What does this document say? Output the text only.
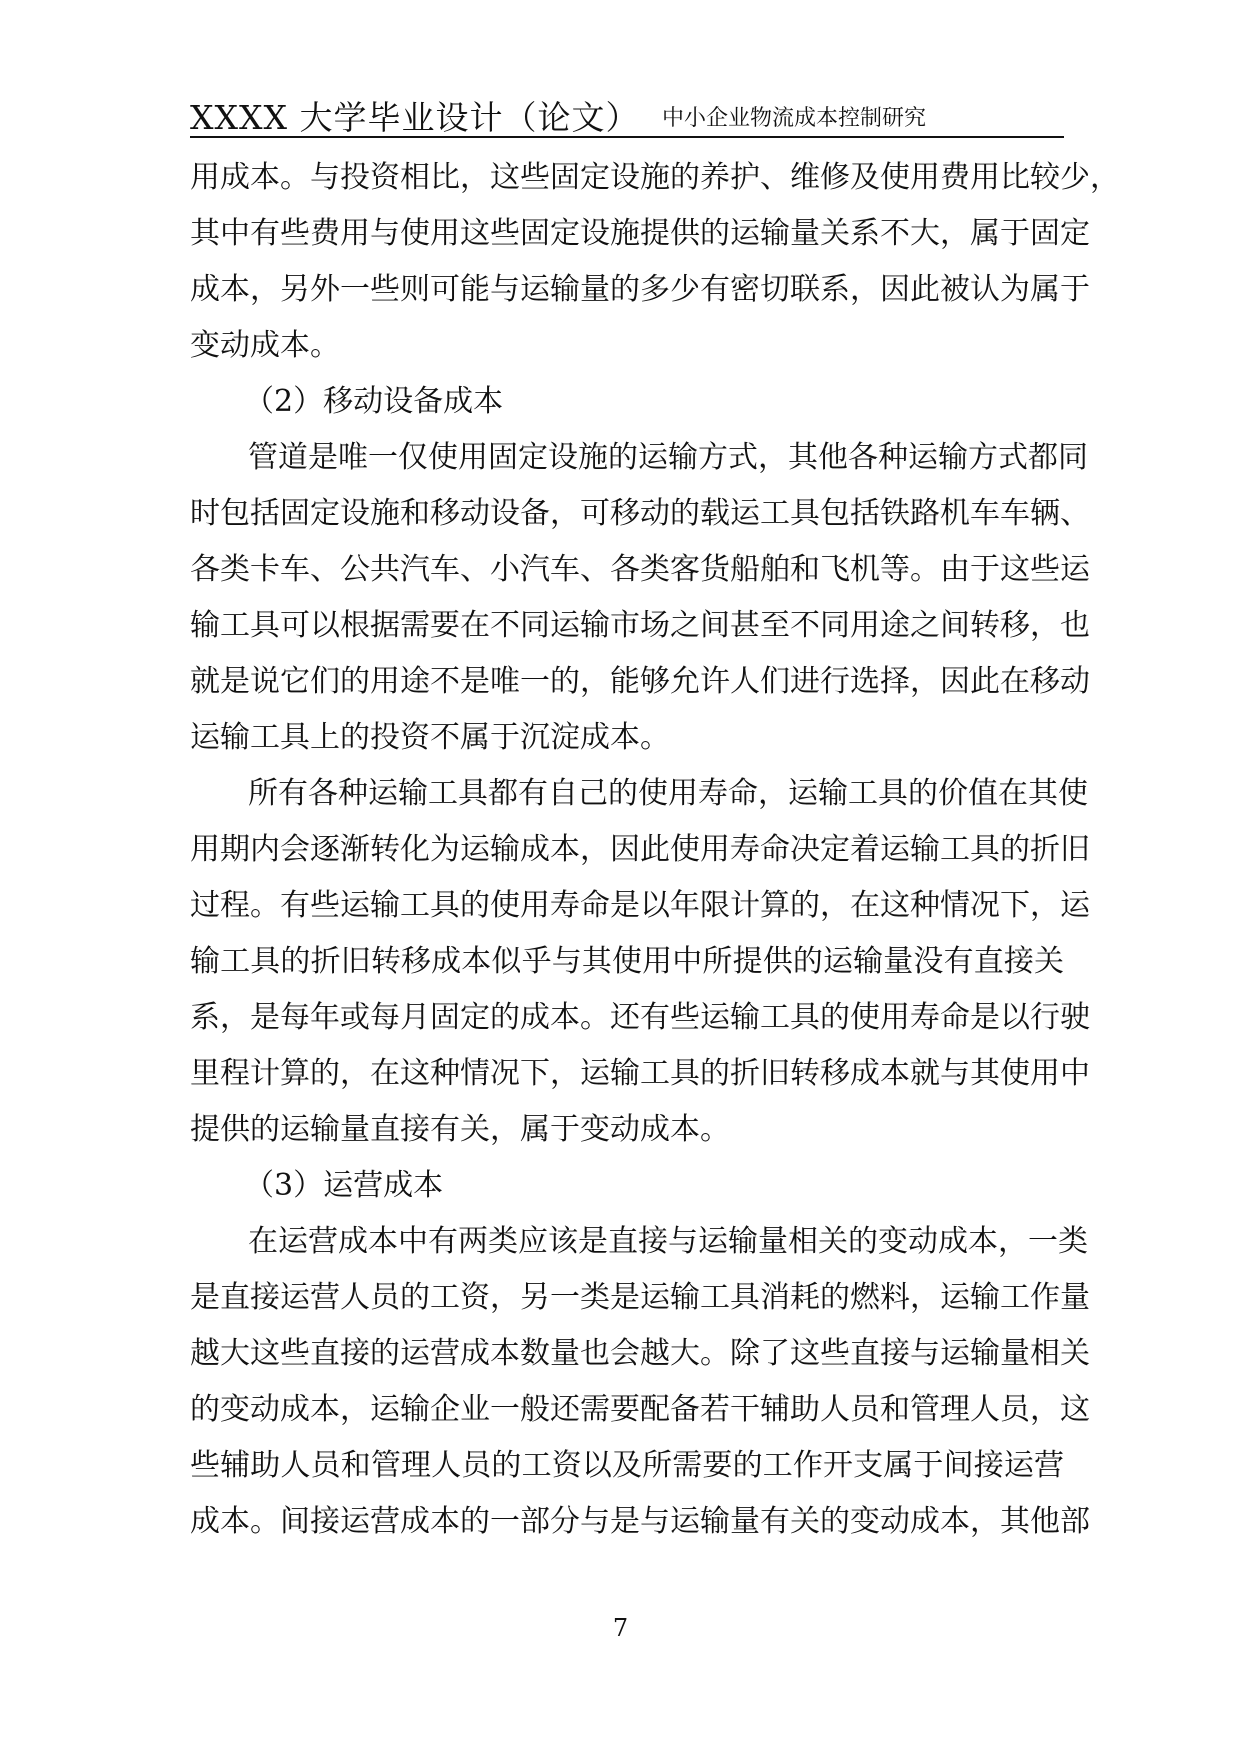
XXXX 大学毕业设计（论文） 中小企业物流成本控制研究
用成本。与投资相比，这些固定设施的养护、维修及使用费用比较少，
其中有些费用与使用这些固定设施提供的运输量关系不大，属于固定
成本，另外一些则可能与运输量的多少有密切联系，因此被认为属于
变动成本。
（2）移动设备成本
管道是唯一仅使用固定设施的运输方式，其他各种运输方式都同
时包括固定设施和移动设备，可移动的载运工具包括铁路机车车辆、
各类卡车、公共汽车、小汽车、各类客货船舶和飞机等。由于这些运
输工具可以根据需要在不同运输市场之间甚至不同用途之间转移，也
就是说它们的用途不是唯一的，能够允许人们进行选择，因此在移动
运输工具上的投资不属于沉淀成本。
所有各种运输工具都有自己的使用寿命，运输工具的价值在其使
用期内会逐渐转化为运输成本，因此使用寿命决定着运输工具的折旧
过程。有些运输工具的使用寿命是以年限计算的，在这种情况下，运
输工具的折旧转移成本似乎与其使用中所提供的运输量没有直接关
系，是每年或每月固定的成本。还有些运输工具的使用寿命是以行驶
里程计算的，在这种情况下，运输工具的折旧转移成本就与其使用中
提供的运输量直接有关，属于变动成本。
（3）运营成本
在运营成本中有两类应该是直接与运输量相关的变动成本，一类
是直接运营人员的工资，另一类是运输工具消耗的燃料，运输工作量
越大这些直接的运营成本数量也会越大。除了这些直接与运输量相关
的变动成本，运输企业一般还需要配备若干辅助人员和管理人员，这
些辅助人员和管理人员的工资以及所需要的工作开支属于间接运营
成本。间接运营成本的一部分与是与运输量有关的变动成本，其他部
7
